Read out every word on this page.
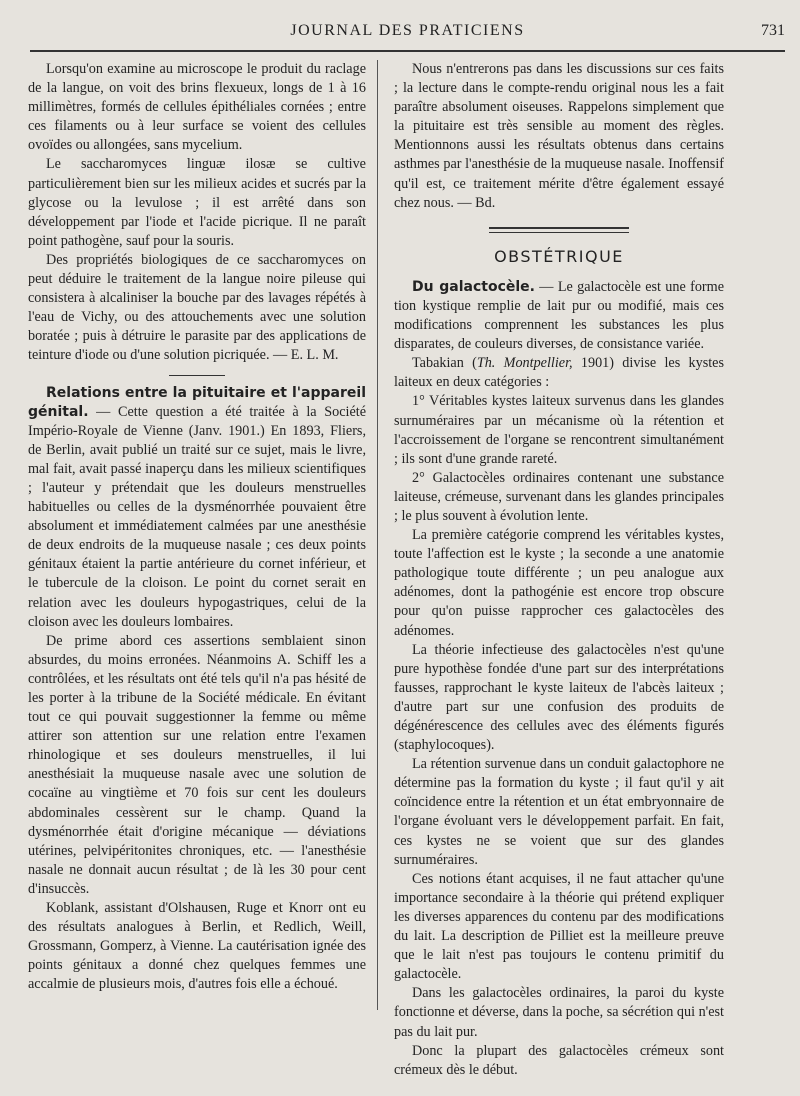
JOURNAL DES PRATICIENS	731

Lorsqu'on examine au microscope le produit du raclage de la langue, on voit des brins flexueux, longs de 1 à 16 millimètres, formés de cellules épithéliales cornées ; entre ces filaments ou à leur surface se voient des cellules ovoïdes ou allongées, sans mycelium.

Le saccharomyces linguæ ilosæ se cultive particulièrement bien sur les milieux acides et sucrés par la glycose ou la levulose ; il est arrêté dans son développement par l'iode et l'acide picrique. Il ne paraît point pathogène, sauf pour la souris.

Des propriétés biologiques de ce saccharomyces on peut déduire le traitement de la langue noire pileuse qui consistera à alcaliniser la bouche par des lavages répétés à l'eau de Vichy, ou des attouchements avec une solution boratée ; puis à détruire le parasite par des applications de teinture d'iode ou d'une solution picriquée. — E. L. M.

Relations entre la pituitaire et l'appareil génital. — Cette question a été traitée à la Société Império-Royale de Vienne (Janv. 1901.) En 1893, Fliers, de Berlin, avait publié un traité sur ce sujet, mais le livre, mal fait, avait passé inaperçu dans les milieux scientifiques ; l'auteur y prétendait que les douleurs menstruelles habituelles ou celles de la dysménorrhée pouvaient être absolument et immédiatement calmées par une anesthésie de deux endroits de la muqueuse nasale ; ces deux points génitaux étaient la partie antérieure du cornet inférieur, et le tubercule de la cloison. Le point du cornet serait en relation avec les douleurs hypogastriques, celui de la cloison avec les douleurs lombaires.

De prime abord ces assertions semblaient sinon absurdes, du moins erronées. Néanmoins A. Schiff les a contrôlées, et les résultats ont été tels qu'il n'a pas hésité de les porter à la tribune de la Société médicale. En évitant tout ce qui pouvait suggestionner la femme ou même attirer son attention sur une relation entre l'examen rhinologique et ses douleurs menstruelles, il lui anesthésiait la muqueuse nasale avec une solution de cocaïne au vingtième et 70 fois sur cent les douleurs abdominales cessèrent sur le champ. Quand la dysménorrhée était d'origine mécanique — déviations utérines, pelvipéritonites chroniques, etc. — l'anesthésie nasale ne donnait aucun résultat ; de là les 30 pour cent d'insuccès.

Koblank, assistant d'Olshausen, Ruge et Knorr ont eu des résultats analogues à Berlin, et Redlich, Weill, Grossmann, Gomperz, à Vienne. La cautérisation ignée des points génitaux a donné chez quelques femmes une accalmie de plusieurs mois, d'autres fois elle a échoué.

Nous n'entrerons pas dans les discussions sur ces faits ; la lecture dans le compte-rendu original nous les a fait paraître absolument oiseuses. Rappelons simplement que la pituitaire est très sensible au moment des règles. Mentionnons aussi les résultats obtenus dans certains asthmes par l'anesthésie de la muqueuse nasale. Inoffensif qu'il est, ce traitement mérite d'être également essayé chez nous. — Bd.

OBSTÉTRIQUE

Du galactocèle. — Le galactocèle est une forme tion kystique remplie de lait pur ou modifié, mais ces modifications comprennent les substances les plus disparates, de couleurs diverses, de consistance variée.

Tabakian (Th. Montpellier, 1901) divise les kystes laiteux en deux catégories :

1° Véritables kystes laiteux survenus dans les glandes surnuméraires par un mécanisme où la rétention et l'accroissement de l'organe se rencontrent simultanément ; ils sont d'une grande rareté.

2° Galactocèles ordinaires contenant une substance laiteuse, crémeuse, survenant dans les glandes principales ; le plus souvent à évolution lente.

La première catégorie comprend les véritables kystes, toute l'affection est le kyste ; la seconde a une anatomie pathologique toute différente ; un peu analogue aux adénomes, dont la pathogénie est encore trop obscure pour qu'on puisse rapprocher ces galactocèles des adénomes.

La théorie infectieuse des galactocèles n'est qu'une pure hypothèse fondée d'une part sur des interprétations fausses, rapprochant le kyste laiteux de l'abcès laiteux ; d'autre part sur une confusion des produits de dégénérescence des cellules avec des éléments figurés (staphylocoques).

La rétention survenue dans un conduit galactophore ne détermine pas la formation du kyste ; il faut qu'il y ait coïncidence entre la rétention et un état embryonnaire de l'organe évoluant vers le développement parfait. En fait, ces kystes ne se voient que sur des glandes surnuméraires.

Ces notions étant acquises, il ne faut attacher qu'une importance secondaire à la théorie qui prétend expliquer les diverses apparences du contenu par des modifications du lait. La description de Pilliet est la meilleure preuve que le lait n'est pas toujours le contenu primitif du galactocèle.

Dans les galactocèles ordinaires, la paroi du kyste fonctionne et déverse, dans la poche, sa sécrétion qui n'est pas du lait pur.

Donc la plupart des galactocèles crémeux sont crémeux dès le début.
